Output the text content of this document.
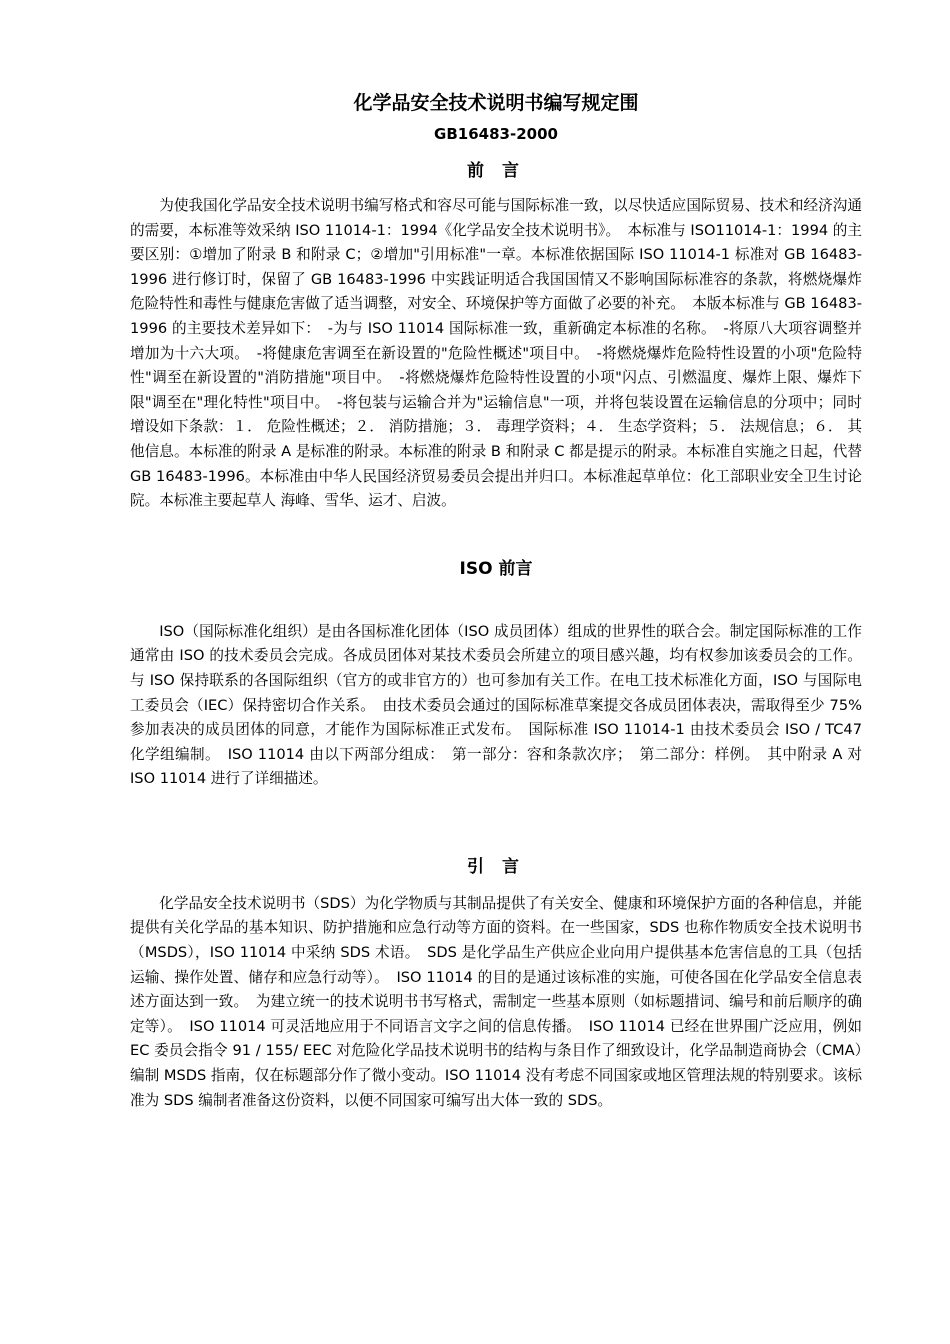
化学品安全技术说明书编写规定围
GB16483-2000
前 言

为使我国化学品安全技术说明书编写格式和容尽可能与国际标准一致，以尽快适应国际贸易、技术和经济沟通的需要，本标准等效采纳 ISO 11014-1：1994《化学品安全技术说明书》。　本标准与 ISO11014-1：1994 的主要区别：①增加了附录 B 和附录 C；②增加"引用标准"一章。本标准依据国际 ISO 11014-1 标准对 GB 16483-1996 进行修订时，保留了 GB 16483-1996 中实践证明适合我国国情又不影响国际标准容的条款，将燃烧爆炸危险特性和毒性与健康危害做了适当调整，对安全、环境保护等方面做了必要的补充。　本版本标准与 GB 16483-1996 的主要技术差异如下：　-为与 ISO 11014 国际标准一致，重新确定本标准的名称。　-将原八大项容调整并增加为十六大项。　-将健康危害调至在新设置的"危险性概述"项目中。　-将燃烧爆炸危险特性设置的小项"危险特性"调至在新设置的"消防措施"项目中。　-将燃烧爆炸危险特性设置的小项"闪点、引燃温度、爆炸上限、爆炸下限"调至在"理化特性"项目中。　-将包装与运输合并为"运输信息"一项，并将包装设置在运输信息的分项中；同时增设如下条款：１． 危险性概述；２． 消防措施；３． 毒理学资料；４． 生态学资料；５． 法规信息；６． 其他信息。本标准的附录 A 是标准的附录。本标准的附录 B 和附录 C 都是提示的附录。本标准自实施之日起，代替 GB 16483-1996。本标准由中华人民国经济贸易委员会提出并归口。本标准起草单位：化工部职业安全卫生讨论院。本标准主要起草人 海峰、雪华、运才、启波。

ISO 前言

ISO（国际标准化组织）是由各国标准化团体（ISO 成员团体）组成的世界性的联合会。制定国际标准的工作通常由 ISO 的技术委员会完成。各成员团体对某技术委员会所建立的项目感兴趣，均有权参加该委员会的工作。与 ISO 保持联系的各国际组织（官方的或非官方的）也可参加有关工作。在电工技术标准化方面，ISO 与国际电工委员会（IEC）保持密切合作关系。　由技术委员会通过的国际标准草案提交各成员团体表决，需取得至少 75%参加表决的成员团体的同意，才能作为国际标准正式发布。　国际标准 ISO 11014-1 由技术委员会 ISO / TC47 化学组编制。　ISO 11014 由以下两部分组成：　第一部分：容和条款次序；　第二部分：样例。　其中附录 A 对 ISO 11014 进行了详细描述。

引 言

化学品安全技术说明书（SDS）为化学物质与其制品提供了有关安全、健康和环境保护方面的各种信息，并能提供有关化学品的基本知识、防护措施和应急行动等方面的资料。在一些国家，SDS 也称作物质安全技术说明书（MSDS），ISO 11014 中采纳 SDS 术语。　SDS 是化学品生产供应企业向用户提供基本危害信息的工具（包括运输、操作处置、储存和应急行动等）。　ISO 11014 的目的是通过该标准的实施，可使各国在化学品安全信息表述方面达到一致。　为建立统一的技术说明书书写格式，需制定一些基本原则（如标题措词、编号和前后顺序的确定等）。　ISO 11014 可灵活地应用于不同语言文字之间的信息传播。　ISO 11014 已经在世界围广泛应用，例如 EC 委员会指令 91 / 155/ EEC 对危险化学品技术说明书的结构与条目作了细致设计，化学品制造商协会（CMA）编制 MSDS 指南，仅在标题部分作了微小变动。ISO 11014 没有考虑不同国家或地区管理法规的特别要求。该标准为 SDS 编制者准备这份资料，以便不同国家可编写出大体一致的 SDS。
